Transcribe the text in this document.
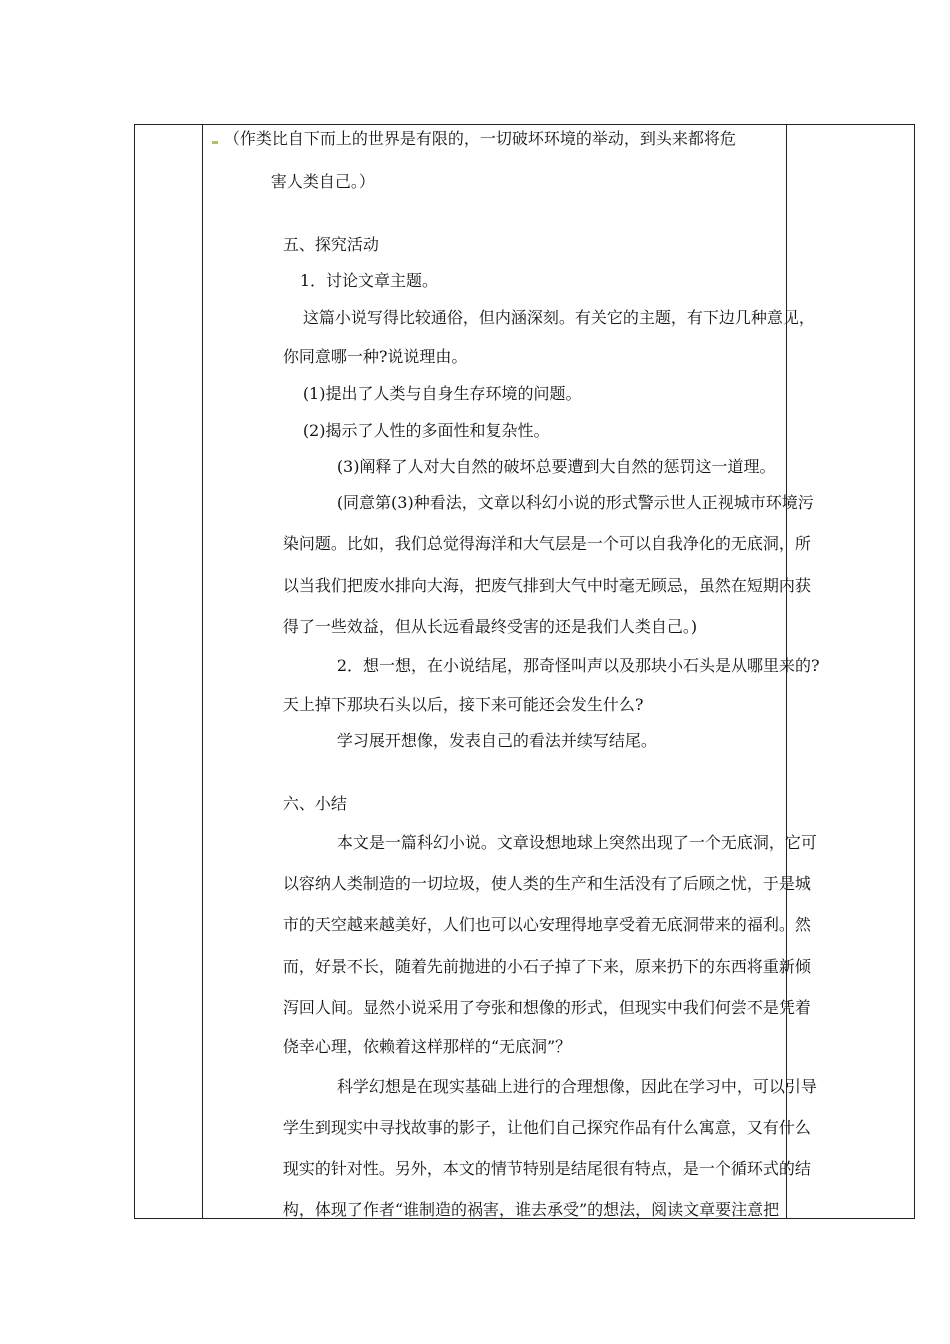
（作类比自下而上的世界是有限的，一切破坏环境的举动，到头来都将危
害人类自己。）
五、探究活动
1．讨论文章主题。
这篇小说写得比较通俗，但内涵深刻。有关它的主题，有下边几种意见，
你同意哪一种?说说理由。
(1)提出了人类与自身生存环境的问题。
(2)揭示了人性的多面性和复杂性。
(3)阐释了人对大自然的破坏总要遭到大自然的惩罚这一道理。
(同意第(3)种看法，文章以科幻小说的形式警示世人正视城市环境污
染问题。比如，我们总觉得海洋和大气层是一个可以自我净化的无底洞，所
以当我们把废水排向大海，把废气排到大气中时毫无顾忌，虽然在短期内获
得了一些效益，但从长远看最终受害的还是我们人类自己。)
2．想一想，在小说结尾，那奇怪叫声以及那块小石头是从哪里来的?
天上掉下那块石头以后，接下来可能还会发生什么?
学习展开想像，发表自己的看法并续写结尾。
六、小结
本文是一篇科幻小说。文章设想地球上突然出现了一个无底洞，它可
以容纳人类制造的一切垃圾，使人类的生产和生活没有了后顾之忧，于是城
市的天空越来越美好，人们也可以心安理得地享受着无底洞带来的福利。然
而，好景不长，随着先前抛进的小石子掉了下来，原来扔下的东西将重新倾
泻回人间。显然小说采用了夸张和想像的形式，但现实中我们何尝不是凭着
侥幸心理，依赖着这样那样的“无底洞”？
科学幻想是在现实基础上进行的合理想像，因此在学习中，可以引导
学生到现实中寻找故事的影子，让他们自己探究作品有什么寓意，又有什么
现实的针对性。另外，本文的情节特别是结尾很有特点，是一个循环式的结
构，体现了作者“谁制造的祸害，谁去承受”的想法，阅读文章要注意把
